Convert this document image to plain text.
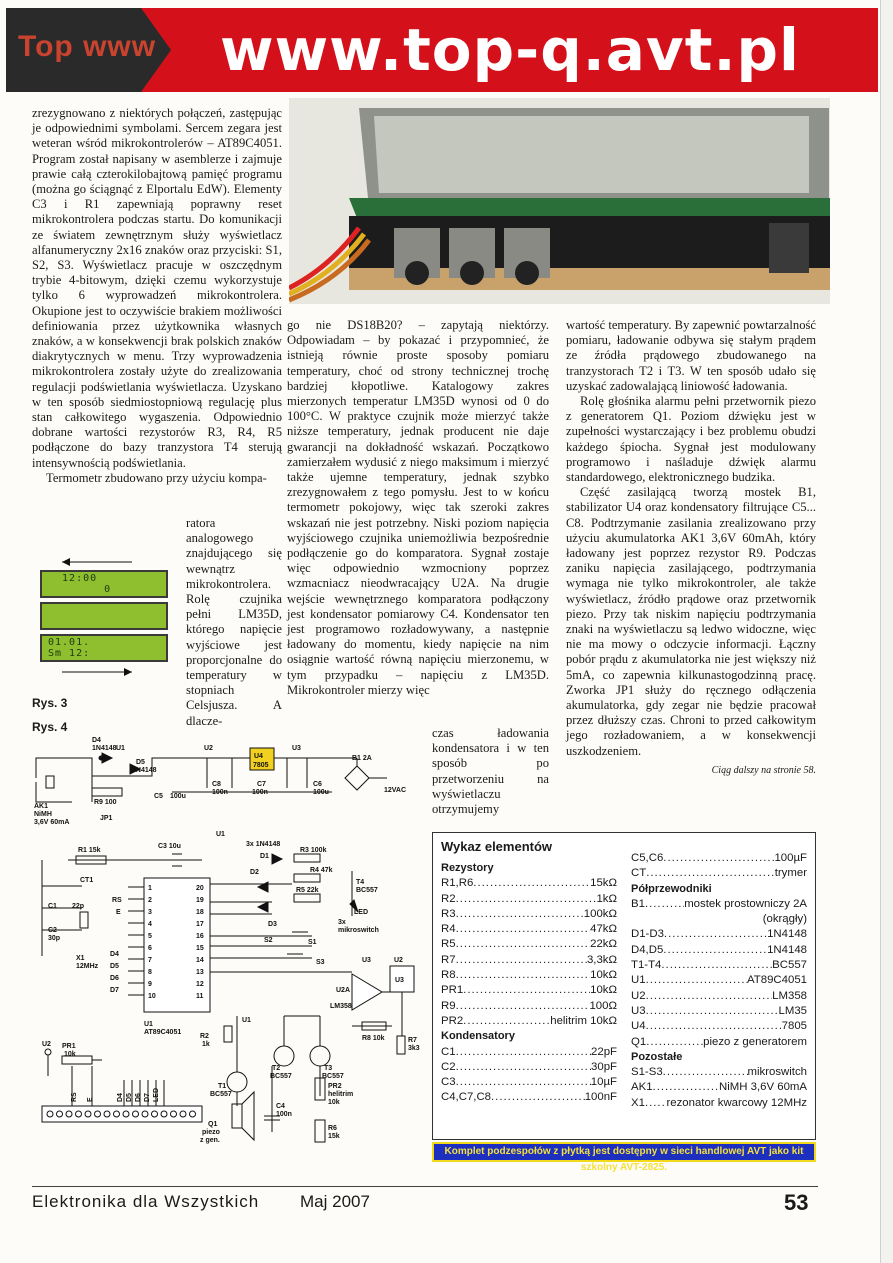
Top www www.top-q.avt.pl

zrezygnowano z niektórych połączeń, zastępując je odpowiednimi symbolami. Sercem zegara jest weteran wśród mikrokontrolerów – AT89C4051. Program został napisany w asemblerze i zajmuje prawie całą czterokilobajtową pamięć programu (można go ściągnąć z Elportalu EdW). Elementy C3 i R1 zapewniają poprawny reset mikrokontrolera podczas startu. Do komunikacji ze światem zewnętrznym służy wyświetlacz alfanumeryczny 2x16 znaków oraz przyciski: S1, S2, S3. Wyświetlacz pracuje w oszczędnym trybie 4-bitowym, dzięki czemu wykorzystuje tylko 6 wyprowadzeń mikrokontrolera. Okupione jest to oczywiście brakiem możliwości definiowania przez użytkownika własnych znaków, a w konsekwencji brak polskich znaków diakrytycznych w menu. Trzy wyprowadzenia mikrokontrolera zostały użyte do zrealizowania regulacji podświetlania wyświetlacza. Uzyskano w ten sposób siedmiostopniową regulację plus stan całkowitego wygaszenia. Odpowiednio dobrane wartości rezystorów R3, R4, R5 podłączone do bazy tranzystora T4 sterują intensywnością podświetlania.

Termometr zbudowano przy użyciu kompa-

ratora analogowego znajdującego się wewnątrz mikrokontrolera. Rolę czujnika pełni LM35D, którego napięcie wyjściowe jest proporcjonalne do temperatury w stopniach Celsjusza. A dlacze-
12:00
0
01.01.
Sm 12:
Rys. 3
Rys. 4

go nie DS18B20? – zapytają niektórzy. Odpowiadam – by pokazać i przypomnieć, że istnieją równie proste sposoby pomiaru temperatury, choć od strony technicznej trochę bardziej kłopotliwe. Katalogowy zakres mierzonych temperatur LM35D wynosi od 0 do 100°C. W praktyce czujnik może mierzyć także niższe temperatury, jednak producent nie daje gwarancji na dokładność wskazań. Początkowo zamierzałem wydusić z niego maksimum i mierzyć także ujemne temperatury, jednak szybko zrezygnowałem z tego pomysłu. Jest to w końcu termometr pokojowy, więc tak szeroki zakres wskazań nie jest potrzebny. Niski poziom napięcia wyjściowego czujnika uniemożliwia bezpośrednie podłączenie go do komparatora. Sygnał zostaje więc odpowiednio wzmocniony poprzez wzmacniacz nieodwracający U2A. Na drugie wejście wewnętrznego komparatora podłączony jest kondensator pomiarowy C4. Kondensator ten jest programowo rozładowywany, a następnie ładowany do momentu, kiedy napięcie na nim osiągnie wartość równą napięciu mierzonemu, w tym przypadku – napięciu z LM35D. Mikrokontroler mierzy więc

czas ładowania kondensatora i w ten sposób po przetworzeniu na wyświetlaczu otrzymujemy

wartość temperatury. By zapewnić powtarzalność pomiaru, ładowanie odbywa się stałym prądem ze źródła prądowego zbudowanego na tranzystorach T2 i T3. W ten sposób udało się uzyskać zadowalającą liniowość ładowania.

Rolę głośnika alarmu pełni przetwornik piezo z generatorem Q1. Poziom dźwięku jest w zupełności wystarczający i bez problemu obudzi każdego śpiocha. Sygnał jest modulowany programowo i naśladuje dźwięk alarmu standardowego, elektronicznego budzika.

Część zasilającą tworzą mostek B1, stabilizator U4 oraz kondensatory filtrujące C5... C8. Podtrzymanie zasilania zrealizowano przy użyciu akumulatorka AK1 3,6V 60mAh, który ładowany jest poprzez rezystor R9. Podczas zaniku napięcia zasilającego, podtrzymania wymaga nie tylko mikrokontroler, ale także wyświetlacz, źródło prądowe oraz przetwornik piezo. Przy tak niskim napięciu podtrzymania znaki na wyświetlaczu są ledwo widoczne, więc nie ma mowy o odczycie informacji. Łączny pobór prądu z akumulatorka nie jest większy niż 5mA, co zapewnia kilkunastogodzinną pracę. Zworka JP1 służy do ręcznego odłączenia akumulatorka, gdy zegar nie będzie pracował przez dłuższy czas. Chroni to przed całkowitym jego rozładowaniem, a w konsekwencji uszkodzeniem.

Ciąg dalszy na stronie 58.
D4
1N4148 U1	U2	U3
U4
7805
D5
1N4148
R9 100
C5 100u
C8
100n
C7
100n
C6
100u
B1 2A
12VAC
AK1
NiMH
3,6V 60mA
JP1
R1 15k
C3 10u
U1
3x 1N4148
D1
R3 100k
R4 47k
T4
BC557
D2
R5 22k
LED
D3
CT1
C1 22p
C2
30p
X1
12MHz
RS
E
D4
D5
D6
D7
S2	S1
S3
3x
mikroswitch
U2A
LM358
U3	U2
U3
R8 10k	R7
3k3
U1
AT89C4051
U1
PR1
10k
U2
R2
1k
T1
BC557
T2
BC557
T3
BC557
PR2
helitrim
10k
R6
15k
C4
100n
Q1
piezo
z gen.
1
2
3
4
5
6
7
8
9
10
20
19
18
17
16
15
14
13
12
11
RS E	D4 D5 D6 D7 LED
Wykaz elementów
Rezystory
R1,R6 .....	15kΩ
R2 .....	1kΩ
R3 .....	100kΩ
R4 .....	47kΩ
R5 .....	22kΩ
R7 .....	3,3kΩ
R8 .....	10kΩ
PR1 .....	10kΩ
R9 .....	100Ω
PR2 .....	helitrim 10kΩ
Kondensatory
C1 .....	22pF
C2 .....	30pF
C3 .....	10µF
C4,C7,C8 .....	100nF
C5,C6 .....	100µF
CT .....	trymer
Półprzewodniki
B1 .....	mostek prostowniczy 2A
(okrągły)
D1-D3 .....	1N4148
D4,D5 .....	1N4148
T1-T4 .....	BC557
U1 .....	AT89C4051
U2 .....	LM358
U3 .....	LM35
U4 .....	7805
Q1 .....	piezo z generatorem
Pozostałe
S1-S3 .....	mikroswitch
AK1 .....	NiMH 3,6V 60mA
X1 ..... rezonator kwarcowy 12MHz
Komplet podzespołów z płytką jest dostępny w sieci handlowej AVT jako kit szkolny AVT-2825.
Elektronika dla Wszystkich Maj 2007	53
